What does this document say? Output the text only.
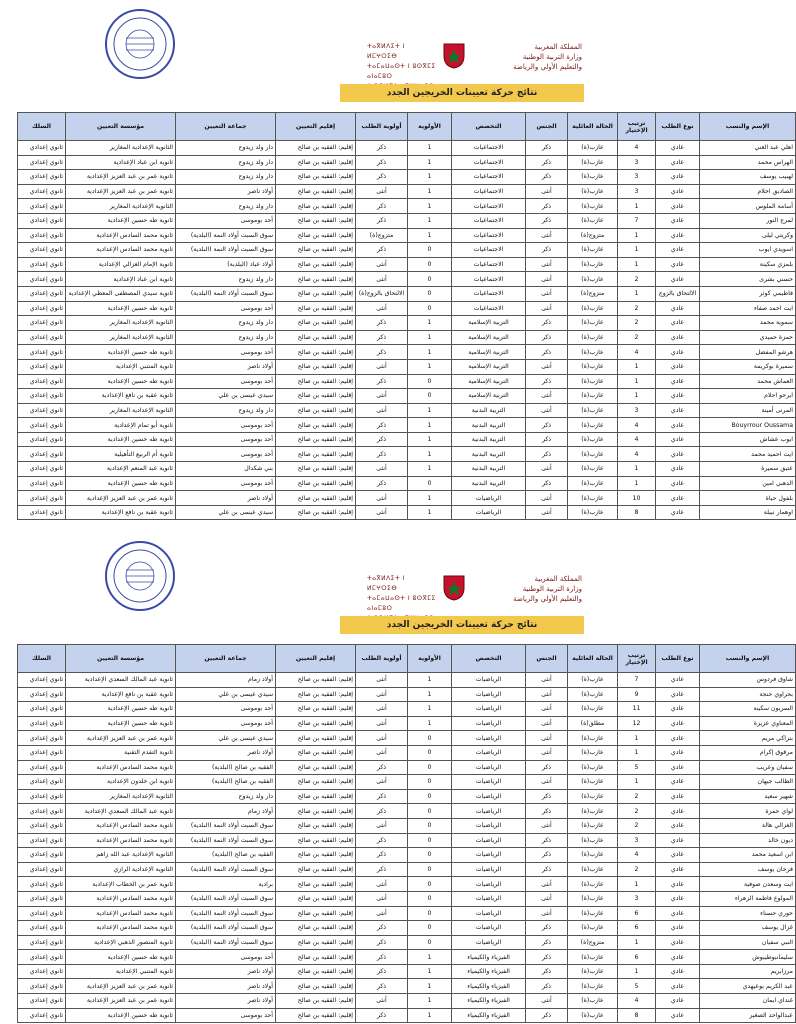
ⵜⴰⴳⵍⴷⵉⵜ ⵏ ⵍⵎⵖⵔⵉⴱ
ⵜⴰⵎⴰⵡⴰⵙⵜ ⵏ ⵓⵙⴳⵎⵉ ⴰⵏⴰⵎⵓⵔ
المملكة المغربية
وزارة التربية الوطنية
والتعليم الأولي والرياضة
نتائج حركة تعيينات الخريجين الجدد
الإسم والنسب	نوع الطلب	ترتيب الإختيار	الحالة العائلية	الجنس	التخصص	الأولوية	أولوية الطلب	إقليم التعيين	جماعة التعيين	مؤسسة التعيين	السلك
اهلي عبد الغني	عادي	4	عازب(ة)	ذكر	الاجتماعيات	1	ذكر	إقليم: الفقيه بن صالح	دار ولد زيدوح	الثانوية الإعدادية المغارير	ثانوي إعدادي
الهراس محمد	عادي	3	عازب(ة)	ذكر	الاجتماعيات	1	ذكر	إقليم: الفقيه بن صالح	دار ولد زيدوح	ثانوية ابن عباد الإعدادية	ثانوي إعدادي
لهبيب يوسف	عادي	3	عازب(ة)	ذكر	الاجتماعيات	1	ذكر	إقليم: الفقيه بن صالح	دار ولد زيدوح	ثانوية عمر بن عبد العزيز الإعدادية	ثانوي إعدادي
الصاديق احلام	عادي	3	عازب(ة)	أنثى	الاجتماعيات	1	أنثى	إقليم: الفقيه بن صالح	أولاد ناصر	ثانوية عمر بن عبد العزيز الإعدادية	ثانوي إعدادي
أسامة الملوس	عادي	1	عازب(ة)	ذكر	الاجتماعيات	1	ذكر	إقليم: الفقيه بن صالح	دار ولد زيدوح	الثانوية الإعدادية المغارير	ثانوي إعدادي
لمرج النور	عادي	7	عازب(ة)	ذكر	الاجتماعيات	1	ذكر	إقليم: الفقيه بن صالح	أحد بوموسى	ثانوية طه حسين الإعدادية	ثانوي إعدادي
وكريتي ليلى	عادي	1	متزوج(ة)	أنثى	الاجتماعيات	1	متزوج(ة)	إقليم: الفقيه بن صالح	سوق السبت أولاد النمة (البلدية)	ثانوية محمد السادس الإعدادية	ثانوي إعدادي
اسويدي ايوب	عادي	1	عازب(ة)	ذكر	الاجتماعيات	0	ذكر	إقليم: الفقيه بن صالح	سوق السبت أولاد النمة (البلدية)	ثانوية محمد السادس الإعدادية	ثانوي إعدادي
بلمزي سكينة	عادي	1	عازب(ة)	أنثى	الاجتماعيات	0	أنثى	إقليم: الفقيه بن صالح	أولاد عياد (البلدية)	ثانوية الإمام الغزالي الإعدادية	ثانوي إعدادي
حسني بشرى	عادي	2	عازب(ة)	أنثى	الاجتماعيات	0	أنثى	إقليم: الفقيه بن صالح	دار ولد زيدوح	ثانوية ابن عباد الإعدادية	ثانوي إعدادي
فاطيمي كوثر	الالتحاق بالزوج	1	متزوج(ة)	أنثى	الاجتماعيات	0	الالتحاق بالزوج(ة)	إقليم: الفقيه بن صالح	سوق السبت أولاد النمة (البلدية)	ثانوية سيدي المصطفى المعطي الإعدادية	ثانوي إعدادي
ايت احمد صفاء	عادي	2	عازب(ة)	أنثى	الاجتماعيات	0	أنثى	إقليم: الفقيه بن صالح	أحد بوموسى	ثانوية طه حسين الإعدادية	ثانوي إعدادي
سموية محمد	عادي	2	عازب(ة)	ذكر	التربية الإسلامية	1	ذكر	إقليم: الفقيه بن صالح	دار ولد زيدوح	الثانوية الإعدادية المغارير	ثانوي إعدادي
حمزة حميدي	عادي	2	عازب(ة)	ذكر	التربية الإسلامية	1	ذكر	إقليم: الفقيه بن صالح	دار ولد زيدوح	الثانوية الإعدادية المغارير	ثانوي إعدادي
هرشو المفضل	عادي	4	عازب(ة)	ذكر	التربية الإسلامية	1	ذكر	إقليم: الفقيه بن صالح	أحد بوموسى	ثانوية طه حسين الإعدادية	ثانوي إعدادي
سميرة بوكريمة	عادي	1	عازب(ة)	أنثى	التربية الإسلامية	1	أنثى	إقليم: الفقيه بن صالح	أولاد ناصر	ثانوية المتنبي الإعدادية	ثانوي إعدادي
العماش محمد	عادي	1	عازب(ة)	ذكر	التربية الإسلامية	0	ذكر	إقليم: الفقيه بن صالح	أحد بوموسى	ثانوية طه حسين الإعدادية	ثانوي إعدادي
ايرحو احلام	عادي	1	عازب(ة)	أنثى	التربية الإسلامية	0	أنثى	إقليم: الفقيه بن صالح	سيدي عيسى بن علي	ثانوية عقبة بن نافع الإعدادية	ثانوي إعدادي
المرنى أمينة	عادي	3	عازب(ة)	أنثى	التربية البدنية	1	أنثى	إقليم: الفقيه بن صالح	دار ولد زيدوح	الثانوية الإعدادية المغارير	ثانوي إعدادي
Bouyrrour Oussama	عادي	4	عازب(ة)	ذكر	التربية البدنية	1	ذكر	إقليم: الفقيه بن صالح	أحد بوموسى	ثانوية أبو تمام الإعدادية	ثانوي إعدادي
ايوب عشاش	عادي	4	عازب(ة)	ذكر	التربية البدنية	1	ذكر	إقليم: الفقيه بن صالح	أحد بوموسى	ثانوية طه حسين الإعدادية	ثانوي إعدادي
ايت احميد محمد	عادي	4	عازب(ة)	ذكر	التربية البدنية	1	ذكر	إقليم: الفقيه بن صالح	أحد بوموسى	ثانوية أم الربيع التأهيلية	ثانوي إعدادي
عتيق سميرة	عادي	1	عازب(ة)	أنثى	التربية البدنية	1	أنثى	إقليم: الفقيه بن صالح	بني شكدال	ثانوية عبد المنعم الإعدادية	ثانوي إعدادي
الدهبي امين	عادي	1	عازب(ة)	ذكر	التربية البدنية	0	ذكر	إقليم: الفقيه بن صالح	أحد بوموسى	ثانوية طه حسين الإعدادية	ثانوي إعدادي
بلفول حياة	عادي	10	عازب(ة)	أنثى	الرياضيات	1	أنثى	إقليم: الفقيه بن صالح	أولاد ناصر	ثانوية عمر بن عبد العزيز الإعدادية	ثانوي إعدادي
اوهمار نبيلة	عادي	8	عازب(ة)	أنثى	الرياضيات	1	أنثى	إقليم: الفقيه بن صالح	سيدي عيسى بن علي	ثانوية عقبة بن نافع الإعدادية	ثانوي إعدادي
ⵜⴰⴳⵍⴷⵉⵜ ⵏ ⵍⵎⵖⵔⵉⴱ
ⵜⴰⵎⴰⵡⴰⵙⵜ ⵏ ⵓⵙⴳⵎⵉ ⴰⵏⴰⵎⵓⵔ
المملكة المغربية
وزارة التربية الوطنية
والتعليم الأولي والرياضة
نتائج حركة تعيينات الخريجين الجدد
الإسم والنسب	نوع الطلب	ترتيب الإختيار	الحالة العائلية	الجنس	التخصص	الأولوية	أولوية الطلب	إقليم التعيين	جماعة التعيين	مؤسسة التعيين	السلك
شاوق فردوس	عادي	7	عازب(ة)	أنثى	الرياضيات	1	أنثى	إقليم: الفقيه بن صالح	أولاد زمام	ثانوية عبد المالك السعدي الإعدادية	ثانوي إعدادي
بحراوي حنجة	عادي	9	عازب(ة)	أنثى	الرياضيات	1	أنثى	إقليم: الفقيه بن صالح	سيدي عيسى بن علي	ثانوية عقبة بن نافع الإعدادية	ثانوي إعدادي
السريون سكينة	عادي	11	عازب(ة)	أنثى	الرياضيات	1	أنثى	إقليم: الفقيه بن صالح	أحد بوموسى	ثانوية طه حسين الإعدادية	ثانوي إعدادي
المعناوي عزيزة	عادي	12	مطلق(ة)	أنثى	الرياضيات	1	أنثى	إقليم: الفقيه بن صالح	أحد بوموسى	ثانوية طه حسين الإعدادية	ثانوي إعدادي
بنزاكي مريم	عادي	1	عازب(ة)	أنثى	الرياضيات	0	أنثى	إقليم: الفقيه بن صالح	سيدي عيسى بن علي	ثانوية عمر بن عبد العزيز الإعدادية	ثانوي إعدادي
مرقوق إكرام	عادي	1	عازب(ة)	أنثى	الرياضيات	0	أنثى	إقليم: الفقيه بن صالح	أولاد ناصر	ثانوية التقدم التقنية	ثانوي إعدادي
سفيان وعريب	عادي	5	عازب(ة)	ذكر	الرياضيات	0	ذكر	إقليم: الفقيه بن صالح	الفقيه بن صالح (البلدية)	ثانوية محمد السادس الإعدادية	ثانوي إعدادي
الطالب جيهان	عادي	1	عازب(ة)	أنثى	الرياضيات	0	أنثى	إقليم: الفقيه بن صالح	الفقيه بن صالح (البلدية)	ثانوية ابن خلدون الإعدادية	ثانوي إعدادي
شهير سعيد	عادي	2	عازب(ة)	ذكر	الرياضيات	0	ذكر	إقليم: الفقيه بن صالح	دار ولد زيدوح	الثانوية الإعدادية المغارير	ثانوي إعدادي
لواي حمزة	عادي	2	عازب(ة)	ذكر	الرياضيات	0	ذكر	إقليم: الفقيه بن صالح	أولاد زمام	ثانوية عبد المالك السعدي الإعدادية	ثانوي إعدادي
الغزالي هالة	عادي	2	عازب(ة)	أنثى	الرياضيات	0	أنثى	إقليم: الفقيه بن صالح	سوق السبت أولاد النمة (البلدية)	ثانوية محمد السادس الإعدادية	ثانوي إعدادي
ديون خالد	عادي	3	عازب(ة)	ذكر	الرياضيات	0	ذكر	إقليم: الفقيه بن صالح	سوق السبت أولاد النمة (البلدية)	ثانوية محمد السادس الإعدادية	ثانوي إعدادي
ابن اسعيد محمد	عادي	4	عازب(ة)	ذكر	الرياضيات	0	ذكر	إقليم: الفقيه بن صالح	الفقيه بن صالح (البلدية)	الثانوية الإعدادية عبد الله زاهم	ثانوي إعدادي
فرحان يوسف	عادي	2	عازب(ة)	ذكر	الرياضيات	0	ذكر	إقليم: الفقيه بن صالح	سوق السبت أولاد النمة (البلدية)	الثانوية الإعدادية الرازي	ثانوي إعدادي
ايت وسعدن صوفية	عادي	1	عازب(ة)	أنثى	الرياضيات	0	أنثى	إقليم: الفقيه بن صالح	برادية	ثانوية عمر بن الخطاب الإعدادية	ثانوي إعدادي
المولوع فاطمة الزهراء	عادي	3	عازب(ة)	أنثى	الرياضيات	0	أنثى	إقليم: الفقيه بن صالح	سوق السبت أولاد النمة (البلدية)	ثانوية محمد السادس الإعدادية	ثانوي إعدادي
حوري حسناء	عادي	6	عازب(ة)	أنثى	الرياضيات	0	أنثى	إقليم: الفقيه بن صالح	سوق السبت أولاد النمة (البلدية)	ثانوية محمد السادس الإعدادية	ثانوي إعدادي
غزال يوسف	عادي	6	عازب(ة)	ذكر	الرياضيات	0	ذكر	إقليم: الفقيه بن صالح	سوق السبت أولاد النمة (البلدية)	ثانوية محمد السادس الإعدادية	ثانوي إعدادي
النبي سفيان	عادي	1	متزوج(ة)	ذكر	الرياضيات	0	ذكر	إقليم: الفقيه بن صالح	سوق السبت أولاد النمة (البلدية)	ثانوية المنصور الذهبي الإعدادية	ثانوي إعدادي
سليمانبوطيبوش	عادي	6	عازب(ة)	ذكر	الفيزياء والكيمياء	1	ذكر	إقليم: الفقيه بن صالح	أحد بوموسى	ثانوية طه حسين الإعدادية	ثانوي إعدادي
مرزابريم	عادي	1	عازب(ة)	ذكر	الفيزياء والكيمياء	1	ذكر	إقليم: الفقيه بن صالح	أولاد ناصر	ثانوية المتنبي الإعدادية	ثانوي إعدادي
عبد الكريم بوعيهدي	عادي	5	عازب(ة)	ذكر	الفيزياء والكيمياء	1	ذكر	إقليم: الفقيه بن صالح	أولاد ناصر	ثانوية عمر بن عبد العزيز الإعدادية	ثانوي إعدادي
غنداي ايمان	عادي	4	عازب(ة)	أنثى	الفيزياء والكيمياء	1	أنثى	إقليم: الفقيه بن صالح	أولاد ناصر	ثانوية عمر بن عبد العزيز الإعدادية	ثانوي إعدادي
عبدالواحد الصغير	عادي	8	عازب(ة)	ذكر	الفيزياء والكيمياء	1	ذكر	إقليم: الفقيه بن صالح	أحد بوموسى	ثانوية طه حسين الإعدادية	ثانوي إعدادي
